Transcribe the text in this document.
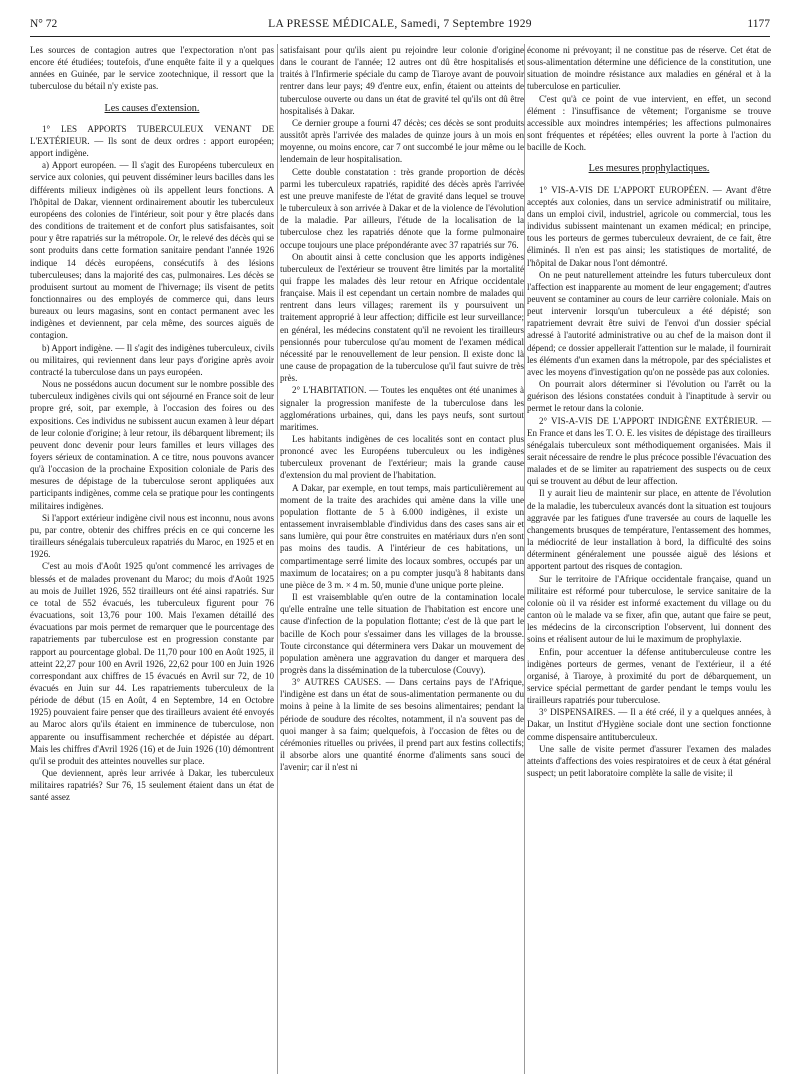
N° 72	LA PRESSE MÉDICALE, Samedi, 7 Septembre 1929	1177

Les sources de contagion autres que l'expectoration n'ont pas encore été étudiées; toutefois, d'une enquête faite il y a quelques années en Guinée, par le service zootechnique, il ressort que la tuberculose du bétail n'y existe pas.

Les causes d'extension.

1° LES APPORTS TUBERCULEUX VENANT DE L'EXTÉRIEUR. — Ils sont de deux ordres : apport européen; apport indigène.

a) Apport européen. — Il s'agit des Européens tuberculeux en service aux colonies, qui peuvent disséminer leurs bacilles dans les différents milieux indigènes où ils appellent leurs fonctions. A l'hôpital de Dakar, viennent ordinairement aboutir les tuberculeux européens des colonies de l'intérieur, soit pour y être placés dans des conditions de traitement et de confort plus satisfaisantes, soit pour y être rapatriés sur la métropole. Or, le relevé des décès qui se sont produits dans cette formation sanitaire pendant l'année 1926 indique 14 décès européens, consécutifs à des lésions tuberculeuses; dans la majorité des cas, pulmonaires. Les décès se produisent surtout au moment de l'hivernage; ils visent de petits fonctionnaires ou des employés de commerce qui, dans leurs bureaux ou leurs magasins, sont en contact permanent avec les indigènes et deviennent, par cela même, des sources aiguës de contagion.

b) Apport indigène. — Il s'agit des indigènes tuberculeux, civils ou militaires, qui reviennent dans leur pays d'origine après avoir contracté la tuberculose dans un pays européen.

Nous ne possédons aucun document sur le nombre possible des tuberculeux indigènes civils qui ont séjourné en France soit de leur propre gré, soit, par exemple, à l'occasion des foires ou des expositions. Ces individus ne subissent aucun examen à leur départ de leur colonie d'origine; à leur retour, ils débarquent librement; ils peuvent donc devenir pour leurs familles et leurs villages des foyers sérieux de contamination. A ce titre, nous pouvons avancer qu'à l'occasion de la prochaine Exposition coloniale de Paris des mesures de dépistage de la tuberculose seront appliquées aux participants indigènes, comme cela se pratique pour les contingents militaires indigènes.

Si l'apport extérieur indigène civil nous est inconnu, nous avons pu, par contre, obtenir des chiffres précis en ce qui concerne les tirailleurs sénégalais tuberculeux rapatriés du Maroc, en 1925 et en 1926.

C'est au mois d'Août 1925 qu'ont commencé les arrivages de blessés et de malades provenant du Maroc; du mois d'Août 1925 au mois de Juillet 1926, 552 tirailleurs ont été ainsi rapatriés. Sur ce total de 552 évacués, les tuberculeux figurent pour 76 évacuations, soit 13,76 pour 100. Mais l'examen détaillé des évacuations par mois permet de remarquer que le pourcentage des rapatriements par tuberculose est en progression constante par rapport au pourcentage global. De 11,70 pour 100 en Août 1925, il atteint 22,27 pour 100 en Avril 1926, 22,62 pour 100 en Juin 1926 correspondant aux chiffres de 15 évacués en Avril sur 72, de 10 évacués en Juin sur 44. Les rapatriements tuberculeux de la période de début (15 en Août, 4 en Septembre, 14 en Octobre 1925) pouvaient faire penser que des tirailleurs avaient été envoyés au Maroc alors qu'ils étaient en imminence de tuberculose, non apparente ou insuffisamment recherchée et dépistée au départ. Mais les chiffres d'Avril 1926 (16) et de Juin 1926 (10) démontrent qu'il se produit des atteintes nouvelles sur place.

Que deviennent, après leur arrivée à Dakar, les tuberculeux militaires rapatriés? Sur 76, 15 seulement étaient dans un état de santé assez

satisfaisant pour qu'ils aient pu rejoindre leur colonie d'origine dans le courant de l'année; 12 autres ont dû être hospitalisés et traités à l'Infirmerie spéciale du camp de Tiaroye avant de pouvoir rentrer dans leur pays; 49 d'entre eux, enfin, étaient ou atteints de tuberculose ouverte ou dans un état de gravité tel qu'ils ont dû être hospitalisés à Dakar.

Ce dernier groupe a fourni 47 décès; ces décès se sont produits aussitôt après l'arrivée des malades de quinze jours à un mois en moyenne, ou moins encore, car 7 ont succombé le jour même ou le lendemain de leur hospitalisation.

Cette double constatation : très grande proportion de décès parmi les tuberculeux rapatriés, rapidité des décès après l'arrivée est une preuve manifeste de l'état de gravité dans lequel se trouve le tuberculeux à son arrivée à Dakar et de la violence de l'évolution de la maladie. Par ailleurs, l'étude de la localisation de la tuberculose chez les rapatriés dénote que la forme pulmonaire occupe toujours une place prépondérante avec 37 rapatriés sur 76.

On aboutit ainsi à cette conclusion que les apports indigènes tuberculeux de l'extérieur se trouvent être limités par la mortalité qui frappe les malades dès leur retour en Afrique occidentale française. Mais il est cependant un certain nombre de malades qui rentrent dans leurs villages; rarement ils y poursuivent un traitement approprié à leur affection; difficile est leur surveillance; en général, les médecins constatent qu'il ne revoient les tirailleurs pensionnés pour tuberculose qu'au moment de l'examen médical nécessité par le renouvellement de leur pension. Il existe donc là une cause de propagation de la tuberculose qu'il faut suivre de très près.

2° L'HABITATION. — Toutes les enquêtes ont été unanimes à signaler la progression manifeste de la tuberculose dans les agglomérations urbaines, qui, dans les pays neufs, sont surtout maritimes.

Les habitants indigènes de ces localités sont en contact plus prononcé avec les Européens tuberculeux ou les indigènes tuberculeux provenant de l'extérieur; mais la grande cause d'extension du mal provient de l'habitation.

A Dakar, par exemple, en tout temps, mais particulièrement au moment de la traite des arachides qui amène dans la ville une population flottante de 5 à 6.000 indigènes, il existe un entassement invraisemblable d'individus dans des cases sans air et sans lumière, qui pour être construites en matériaux durs n'en sont pas moins des taudis. A l'intérieur de ces habitations, un compartimentage serré limite des locaux sombres, occupés par un maximum de locataires; on a pu compter jusqu'à 8 habitants dans une pièce de 3 m. × 4 m. 50, munie d'une unique porte pleine.

Il est vraisemblable qu'en outre de la contamination locale qu'elle entraîne une telle situation de l'habitation est encore une cause d'infection de la population flottante; c'est de là que part le bacille de Koch pour s'essaimer dans les villages de la brousse. Toute circonstance qui déterminera vers Dakar un mouvement de population amènera une aggravation du danger et marquera des progrès dans la dissémination de la tuberculose (Couvy).

3° AUTRES CAUSES. — Dans certains pays de l'Afrique, l'indigène est dans un état de sous-alimentation permanente ou du moins à peine à la limite de ses besoins alimentaires; pendant la période de soudure des récoltes, notamment, il n'a souvent pas de quoi manger à sa faim; quelquefois, à l'occasion de fêtes ou de cérémonies rituelles ou privées, il prend part aux festins collectifs; il absorbe alors une quantité énorme d'aliments sans souci de l'avenir; car il n'est ni

économe ni prévoyant; il ne constitue pas de réserve. Cet état de sous-alimentation détermine une déficience de la constitution, une situation de moindre résistance aux maladies en général et à la tuberculose en particulier.

C'est qu'à ce point de vue intervient, en effet, un second élément : l'insuffisance de vêtement; l'organisme se trouve accessible aux moindres intempéries; les affections pulmonaires sont fréquentes et répétées; elles ouvrent la porte à l'action du bacille de Koch.

Les mesures prophylactiques.

1° VIS-A-VIS DE L'APPORT EUROPÉEN. — Avant d'être acceptés aux colonies, dans un service administratif ou militaire, dans un emploi civil, industriel, agricole ou commercial, tous les individus subissent maintenant un examen médical; en principe, tous les porteurs de germes tuberculeux devraient, de ce fait, être éliminés. Il n'en est pas ainsi; les statistiques de mortalité, de l'hôpital de Dakar nous l'ont démontré.

On ne peut naturellement atteindre les futurs tuberculeux dont l'affection est inapparente au moment de leur engagement; d'autres peuvent se contaminer au cours de leur carrière coloniale. Mais on peut intervenir lorsqu'un tuberculeux a été dépisté; son rapatriement devrait être suivi de l'envoi d'un dossier spécial adressé à l'autorité administrative ou au chef de la maison dont il dépend; ce dossier appellerait l'attention sur le malade, il fournirait les éléments d'un examen dans la métropole, par des spécialistes et avec les moyens d'investigation qu'on ne possède pas aux colonies.

On pourrait alors déterminer si l'évolution ou l'arrêt ou la guérison des lésions constatées conduit à l'inaptitude à servir ou permet le retour dans la colonie.

2° VIS-A-VIS DE L'APPORT INDIGÈNE EXTÉRIEUR. — En France et dans les T. O. E. les visites de dépistage des tirailleurs sénégalais tuberculeux sont méthodiquement organisées. Mais il serait nécessaire de rendre le plus précoce possible l'évacuation des malades et de se limiter au rapatriement des suspects ou de ceux qui se trouvent au début de leur affection.

Il y aurait lieu de maintenir sur place, en attente de l'évolution de la maladie, les tuberculeux avancés dont la situation est toujours aggravée par les fatigues d'une traversée au cours de laquelle les changements brusques de température, l'entassement des hommes, la médiocrité de leur installation à bord, la difficulté des soins déterminent généralement une poussée aiguë des lésions et apportent partout des risques de contagion.

Sur le territoire de l'Afrique occidentale française, quand un militaire est réformé pour tuberculose, le service sanitaire de la colonie où il va résider est informé exactement du village ou du canton où le malade va se fixer, afin que, autant que faire se peut, les médecins de la circonscription l'observent, lui donnent des soins et réalisent autour de lui le maximum de prophylaxie.

Enfin, pour accentuer la défense antituberculeuse contre les indigènes porteurs de germes, venant de l'extérieur, il a été organisé, à Tiaroye, à proximité du port de débarquement, un service spécial permettant de garder pendant le temps voulu les tirailleurs rapatriés pour tuberculose.

3° DISPENSAIRES. — Il a été créé, il y a quelques années, à Dakar, un Institut d'Hygiène sociale dont une section fonctionne comme dispensaire antituberculeux.

Une salle de visite permet d'assurer l'examen des malades atteints d'affections des voies respiratoires et de ceux à état général suspect; un petit laboratoire complète la salle de visite; il
